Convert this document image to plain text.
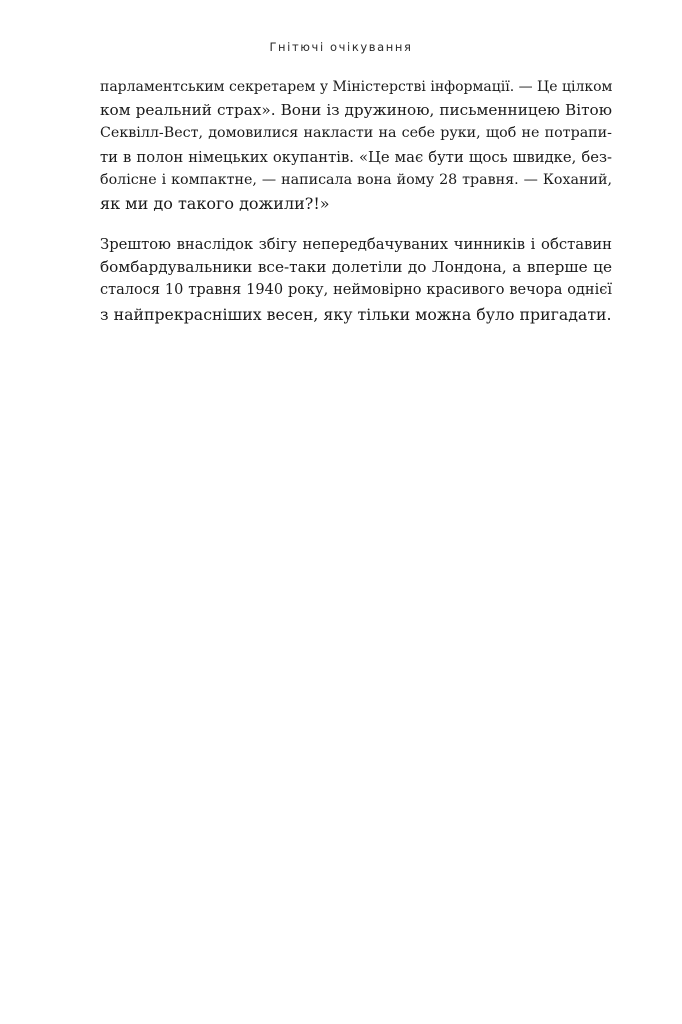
Гнітючі очікування
парламентським секретарем у Міністерстві інформації. — Це цілком
ком реальний страх». Вони із дружиною, письменницею Вітою
Секвілл-Вест, домовилися накласти на себе руки, щоб не потрапи-
ти в полон німецьких окупантів. «Це має бути щось швидке, без-
болісне і компактне, — написала вона йому 28 травня. — Коханий,
як ми до такого дожили?!»
Зрештою внаслідок збігу непередбачуваних чинників і обставин
бомбардувальники все-таки долетіли до Лондона, а вперше це
сталося 10 травня 1940 року, неймовірно красивого вечора однієї
з найпрекрасніших весен, яку тільки можна було пригадати.
